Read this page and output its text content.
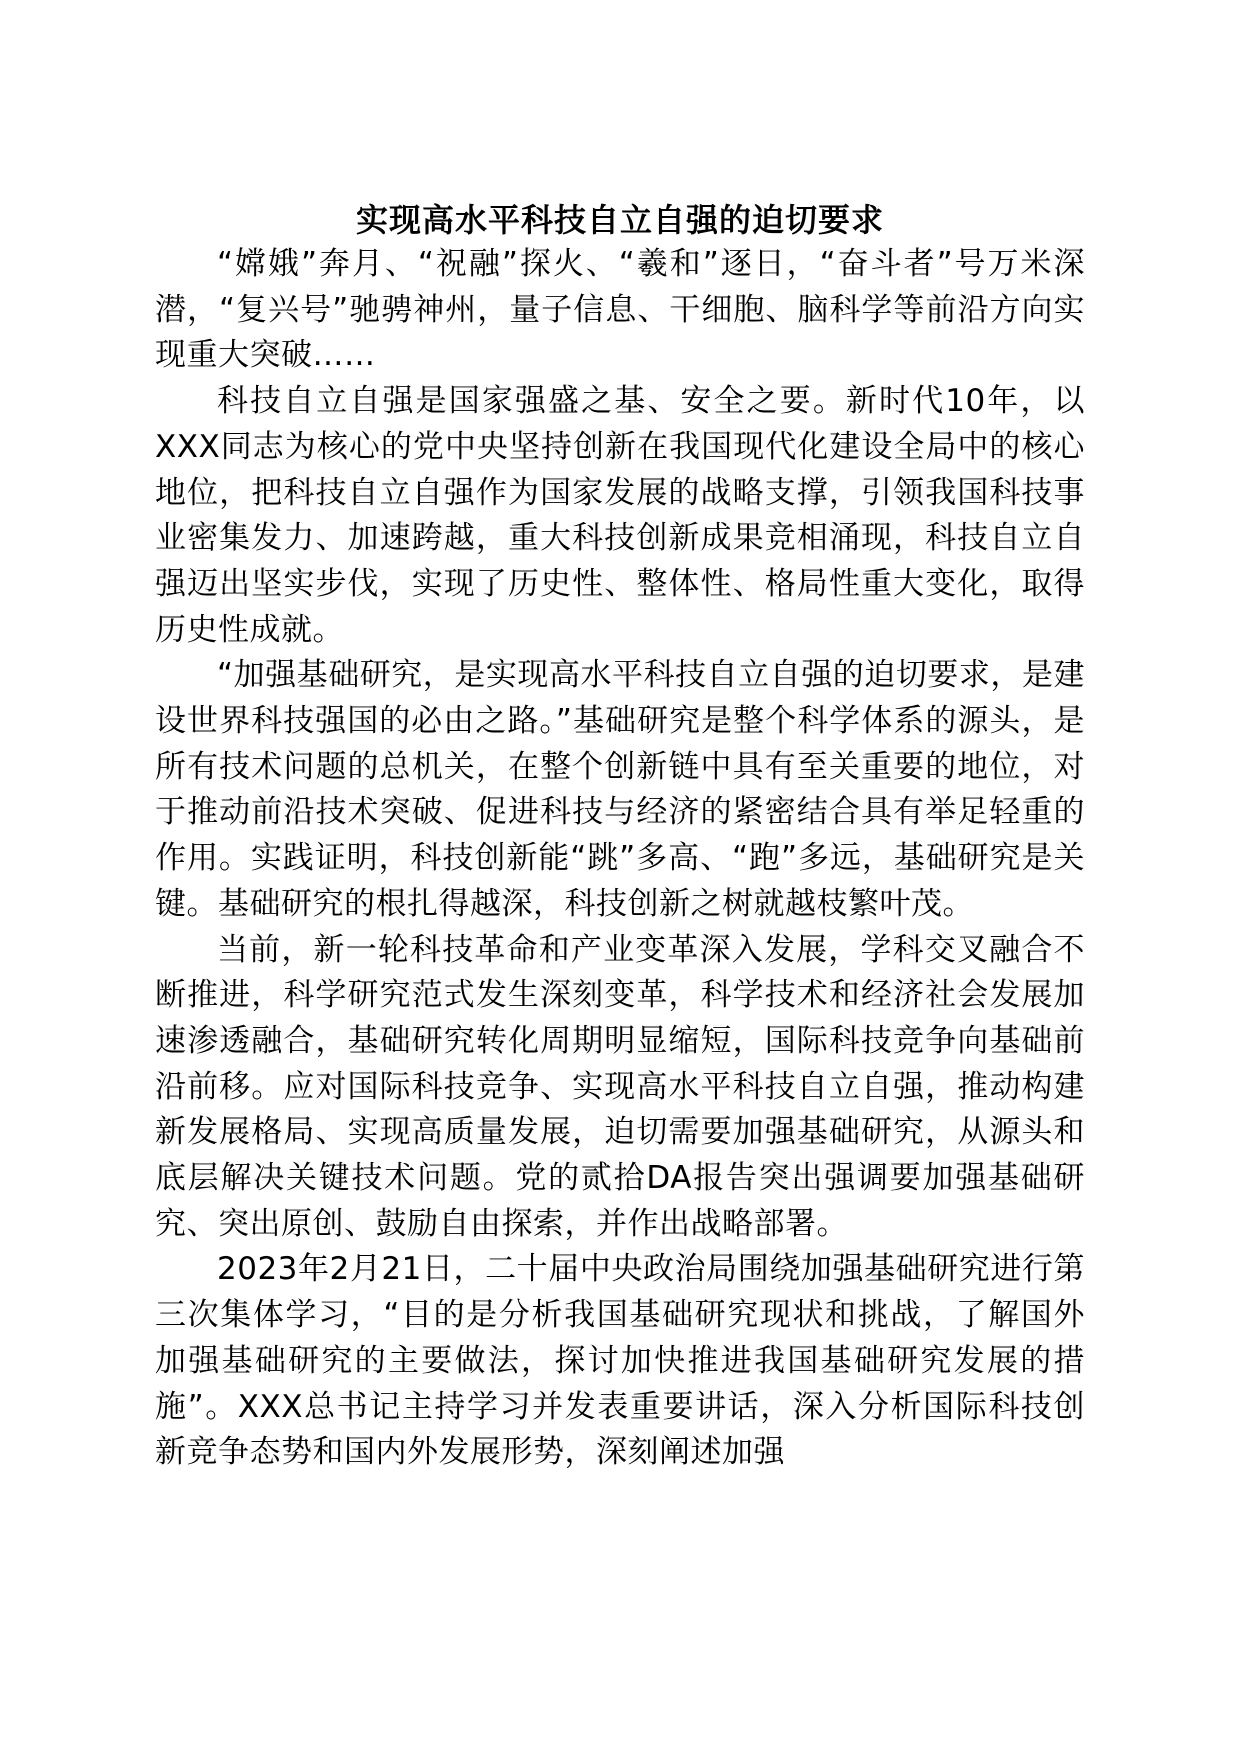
实现高水平科技自立自强的迫切要求

“嫦娥”奔月、“祝融”探火、“羲和”逐日，“奋斗者”号万米深潜，“复兴号”驰骋神州，量子信息、干细胞、脑科学等前沿方向实现重大突破……

科技自立自强是国家强盛之基、安全之要。新时代10年，以XXX同志为核心的党中央坚持创新在我国现代化建设全局中的核心地位，把科技自立自强作为国家发展的战略支撑，引领我国科技事业密集发力、加速跨越，重大科技创新成果竞相涌现，科技自立自强迈出坚实步伐，实现了历史性、整体性、格局性重大变化，取得历史性成就。

“加强基础研究，是实现高水平科技自立自强的迫切要求，是建设世界科技强国的必由之路。”基础研究是整个科学体系的源头，是所有技术问题的总机关，在整个创新链中具有至关重要的地位，对于推动前沿技术突破、促进科技与经济的紧密结合具有举足轻重的作用。实践证明，科技创新能“跳”多高、“跑”多远，基础研究是关键。基础研究的根扎得越深，科技创新之树就越枝繁叶茂。

当前，新一轮科技革命和产业变革深入发展，学科交叉融合不断推进，科学研究范式发生深刻变革，科学技术和经济社会发展加速渗透融合，基础研究转化周期明显缩短，国际科技竞争向基础前沿前移。应对国际科技竞争、实现高水平科技自立自强，推动构建新发展格局、实现高质量发展，迫切需要加强基础研究，从源头和底层解决关键技术问题。党的贰拾DA报告突出强调要加强基础研究、突出原创、鼓励自由探索，并作出战略部署。

2023年2月21日，二十届中央政治局围绕加强基础研究进行第三次集体学习，“目的是分析我国基础研究现状和挑战，了解国外加强基础研究的主要做法，探讨加快推进我国基础研究发展的措施”。XXX总书记主持学习并发表重要讲话，深入分析国际科技创新竞争态势和国内外发展形势，深刻阐述加强
